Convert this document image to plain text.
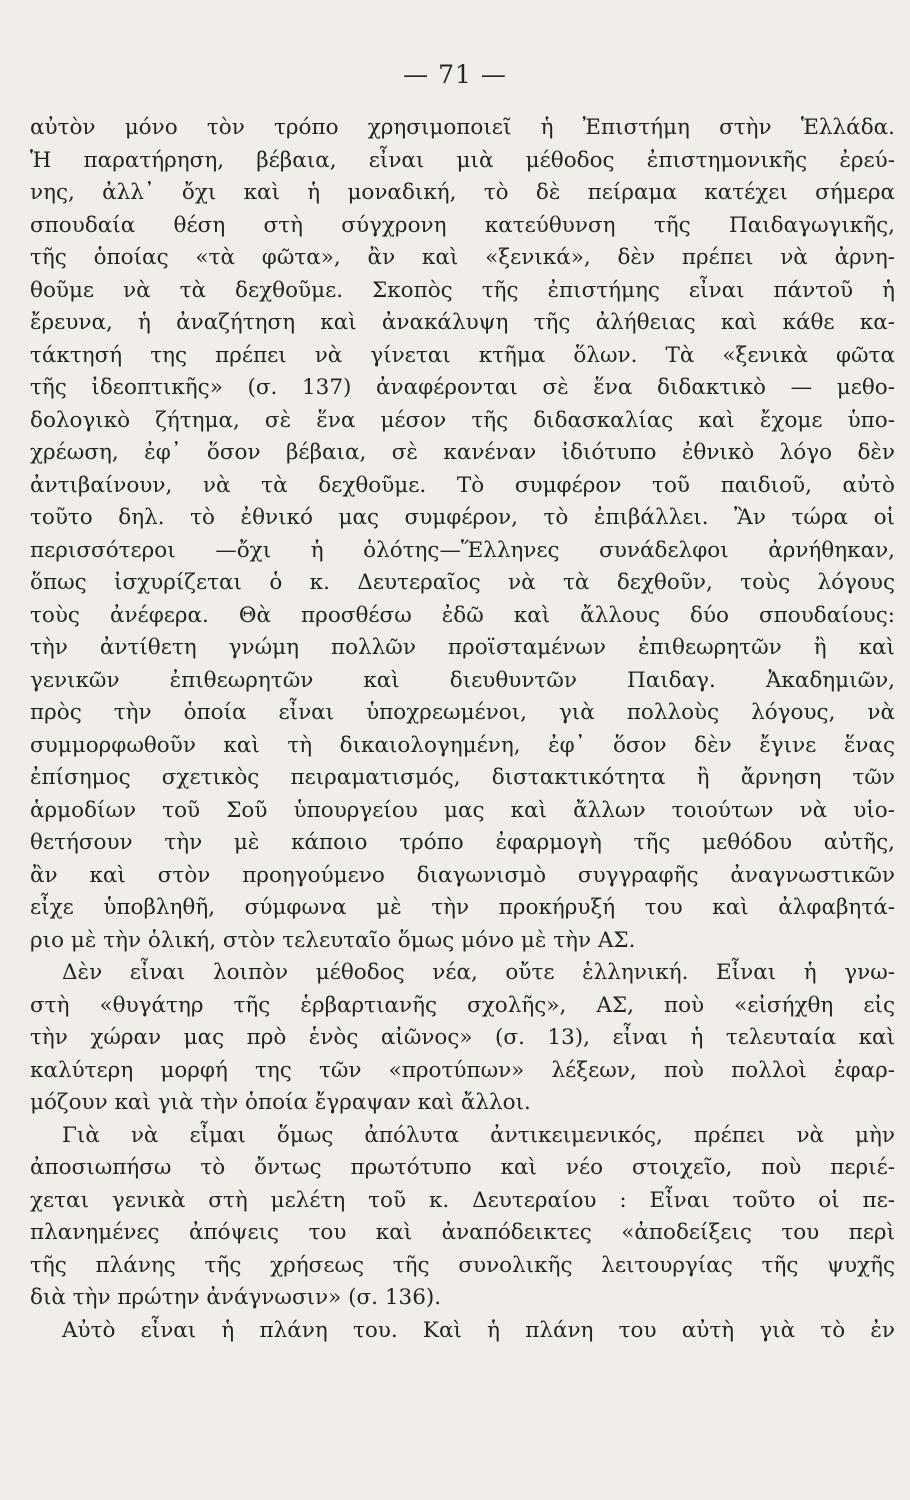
— 71 —
αὐτὸν μόνο τὸν τρόπο χρησιμοποιεῖ ἡ Ἐπιστήμη στὴν Ἑλλάδα.
Ἡ παρατήρηση, βέβαια, εἶναι μιὰ μέθοδος ἐπιστημονικῆς ἐρεύ-
νης, ἀλλ᾽ ὄχι καὶ ἡ μοναδική, τὸ δὲ πείραμα κατέχει σήμερα
σπουδαία θέση στὴ σύγχρονη κατεύθυνση τῆς Παιδαγωγικῆς,
τῆς ὁποίας «τὰ φῶτα», ἂν καὶ «ξενικά», δὲν πρέπει νὰ ἀρνη-
θοῦμε νὰ τὰ δεχθοῦμε. Σκοπὸς τῆς ἐπιστήμης εἶναι πάντοῦ ἡ
ἔρευνα, ἡ ἀναζήτηση καὶ ἀνακάλυψη τῆς ἀλήθειας καὶ κάθε κα-
τάκτησή της πρέπει νὰ γίνεται κτῆμα ὅλων. Τὰ «ξενικὰ φῶτα
τῆς ἰδεοπτικῆς» (σ. 137) ἀναφέρονται σὲ ἕνα διδακτικὸ — μεθο-
δολογικὸ ζήτημα, σὲ ἕνα μέσον τῆς διδασκαλίας καὶ ἔχομε ὑπο-
χρέωση, ἐφ᾽ ὅσον βέβαια, σὲ κανέναν ἰδιότυπο ἐθνικὸ λόγο δὲν
ἀντιβαίνουν, νὰ τὰ δεχθοῦμε. Τὸ συμφέρον τοῦ παιδιοῦ, αὐτὸ
τοῦτο δηλ. τὸ ἐθνικό μας συμφέρον, τὸ ἐπιβάλλει. Ἂν τώρα οἱ
περισσότεροι —ὄχι ἡ ὁλότης—Ἕλληνες συνάδελφοι ἀρνήθηκαν,
ὅπως ἰσχυρίζεται ὁ κ. Δευτεραῖος νὰ τὰ δεχθοῦν, τοὺς λόγους
τοὺς ἀνέφερα. Θὰ προσθέσω ἐδῶ καὶ ἄλλους δύο σπουδαίους:
τὴν ἀντίθετη γνώμη πολλῶν προϊσταμένων ἐπιθεωρητῶν ἢ καὶ
γενικῶν ἐπιθεωρητῶν καὶ διευθυντῶν Παιδαγ. Ἀκαδημιῶν,
πρὸς τὴν ὁποία εἶναι ὑποχρεωμένοι, γιὰ πολλοὺς λόγους, νὰ
συμμορφωθοῦν καὶ τὴ δικαιολογημένη, ἐφ᾽ ὅσον δὲν ἔγινε ἕνας
ἐπίσημος σχετικὸς πειραματισμός, διστακτικότητα ἢ ἄρνηση τῶν
ἁρμοδίων τοῦ Σοῦ ὑπουργείου μας καὶ ἄλλων τοιούτων νὰ υἱο-
θετήσουν τὴν μὲ κάποιο τρόπο ἐφαρμογὴ τῆς μεθόδου αὐτῆς,
ἂν καὶ στὸν προηγούμενο διαγωνισμὸ συγγραφῆς ἀναγνωστικῶν
εἶχε ὑποβληθῆ, σύμφωνα μὲ τὴν προκήρυξή του καὶ ἀλφαβητά-
ριο μὲ τὴν ὁλική, στὸν τελευταῖο ὅμως μόνο μὲ τὴν ΑΣ.
Δὲν εἶναι λοιπὸν μέθοδος νέα, οὔτε ἑλληνική. Εἶναι ἡ γνω-
στὴ «θυγάτηρ τῆς ἑρβαρτιανῆς σχολῆς», ΑΣ, ποὺ «εἰσήχθη εἰς
τὴν χώραν μας πρὸ ἑνὸς αἰῶνος» (σ. 13), εἶναι ἡ τελευταία καὶ
καλύτερη μορφή της τῶν «προτύπων» λέξεων, ποὺ πολλοὶ ἐφαρ-
μόζουν καὶ γιὰ τὴν ὁποία ἔγραψαν καὶ ἄλλοι.
Γιὰ νὰ εἶμαι ὅμως ἀπόλυτα ἀντικειμενικός, πρέπει νὰ μὴν
ἀποσιωπήσω τὸ ὄντως πρωτότυπο καὶ νέο στοιχεῖο, ποὺ περιέ-
χεται γενικὰ στὴ μελέτη τοῦ κ. Δευτεραίου : Εἶναι τοῦτο οἱ πε-
πλανημένες ἀπόψεις του καὶ ἀναπόδεικτες «ἀποδείξεις του περὶ
τῆς πλάνης τῆς χρήσεως τῆς συνολικῆς λειτουργίας τῆς ψυχῆς
διὰ τὴν πρώτην ἀνάγνωσιν» (σ. 136).
Αὐτὸ εἶναι ἡ πλάνη του. Καὶ ἡ πλάνη του αὐτὴ γιὰ τὸ ἐν
